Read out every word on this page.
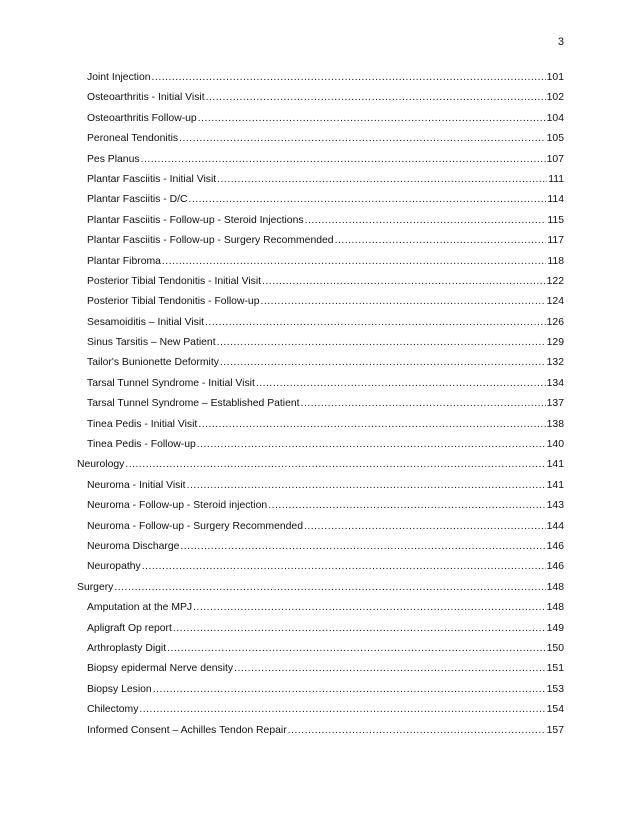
3
Joint Injection .....	101
Osteoarthritis - Initial Visit .....	102
Osteoarthritis Follow-up .....	104
Peroneal Tendonitis .....	105
Pes Planus .....	107
Plantar Fasciitis - Initial Visit .....	111
Plantar Fasciitis - D/C .....	114
Plantar Fasciitis - Follow-up - Steroid Injections .....	115
Plantar Fasciitis - Follow-up - Surgery Recommended .....	117
Plantar Fibroma .....	118
Posterior Tibial Tendonitis - Initial Visit .....	122
Posterior Tibial Tendonitis - Follow-up .....	124
Sesamoiditis – Initial Visit .....	126
Sinus Tarsitis – New Patient .....	129
Tailor's Bunionette Deformity .....	132
Tarsal Tunnel Syndrome - Initial Visit .....	134
Tarsal Tunnel Syndrome – Established Patient .....	137
Tinea Pedis - Initial Visit .....	138
Tinea Pedis - Follow-up .....	140
Neurology .....	141
Neuroma - Initial Visit .....	141
Neuroma - Follow-up - Steroid injection .....	143
Neuroma - Follow-up - Surgery Recommended .....	144
Neuroma Discharge .....	146
Neuropathy .....	146
Surgery .....	148
Amputation at the MPJ .....	148
Apligraft Op report .....	149
Arthroplasty Digit .....	150
Biopsy epidermal Nerve density .....	151
Biopsy Lesion .....	153
Chilectomy .....	154
Informed Consent – Achilles Tendon Repair .....	157
